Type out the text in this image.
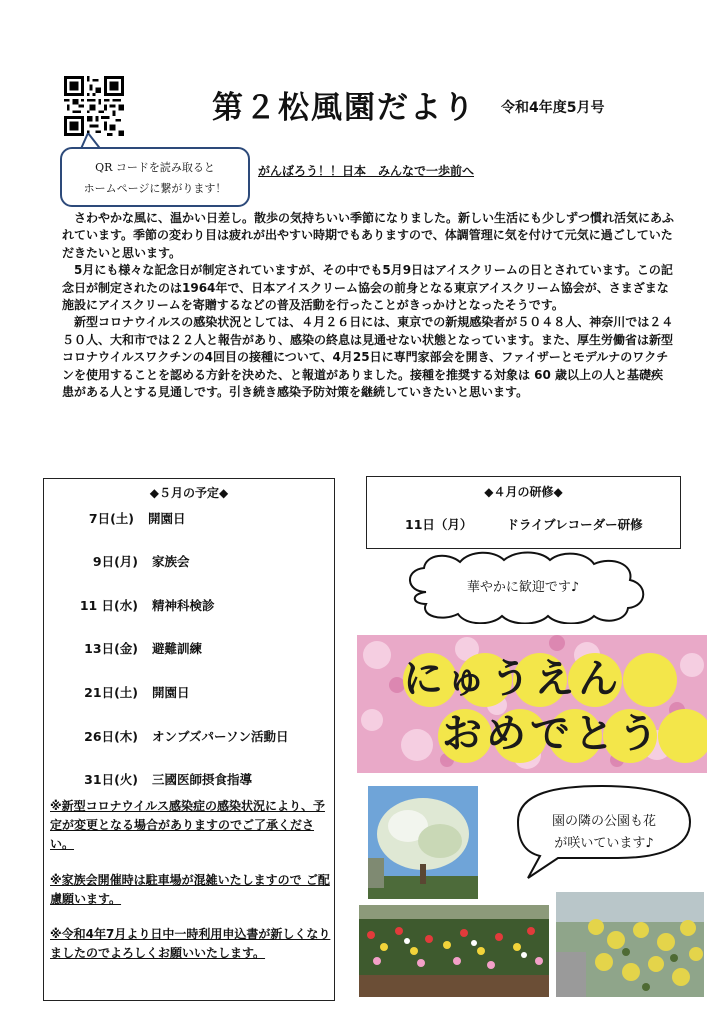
第２松風園だより 令和4年度5月号
QR コードを読み取ると
ホームページに繋がります！
がんばろう！！日本　みんなで一歩前へ

さわやかな風に、温かい日差し。散歩の気持ちいい季節になりました。新しい生活にも少しずつ慣れ活気にあふれています。季節の変わり目は疲れが出やすい時期でもありますので、体調管理に気を付けて元気に過ごしていただきたいと思います。

5月にも様々な記念日が制定されていますが、その中でも5月9日はアイスクリームの日とされています。この記念日が制定されたのは1964年で、日本アイスクリーム協会の前身となる東京アイスクリーム協会が、さまざまな施設にアイスクリームを寄贈するなどの普及活動を行ったことがきっかけとなったそうです。

新型コロナウイルスの感染状況としては、４月２６日には、東京での新規感染者が５０４８人、神奈川では２４５０人、大和市では２２人と報告があり、感染の終息は見通せない状態となっています。また、厚生労働省は新型コロナウイルスワクチンの4回目の接種について、4月25日に専門家部会を開き、ファイザーとモデルナのワクチンを使用することを認める方針を決めた、と報道がありました。接種を推奨する対象は 60 歳以上の人と基礎疾患がある人とする見通しです。引き続き感染予防対策を継続していきたいと思います。

◆５月の予定◆
7日(土) 開園日
9日(月) 家族会
11 日(水) 精神科検診
13日(金) 避難訓練
21日(土) 開園日
26日(木) オンブズパーソン活動日
31日(火) 三國医師摂食指導
※新型コロナウイルス感染症の感染状況により、予定が変更となる場合がありますのでご了承ください。
※家族会開催時は駐車場が混雑いたしますので ご配慮願います。
※令和4年7月より日中一時利用申込書が新しくなりましたのでよろしくお願いいたします。
◆４月の研修◆
11日（月）	ドライブレコーダー研修
華やかに歓迎です♪
にゅうえん
おめでとう
園の隣の公園も花
が咲いています♪
